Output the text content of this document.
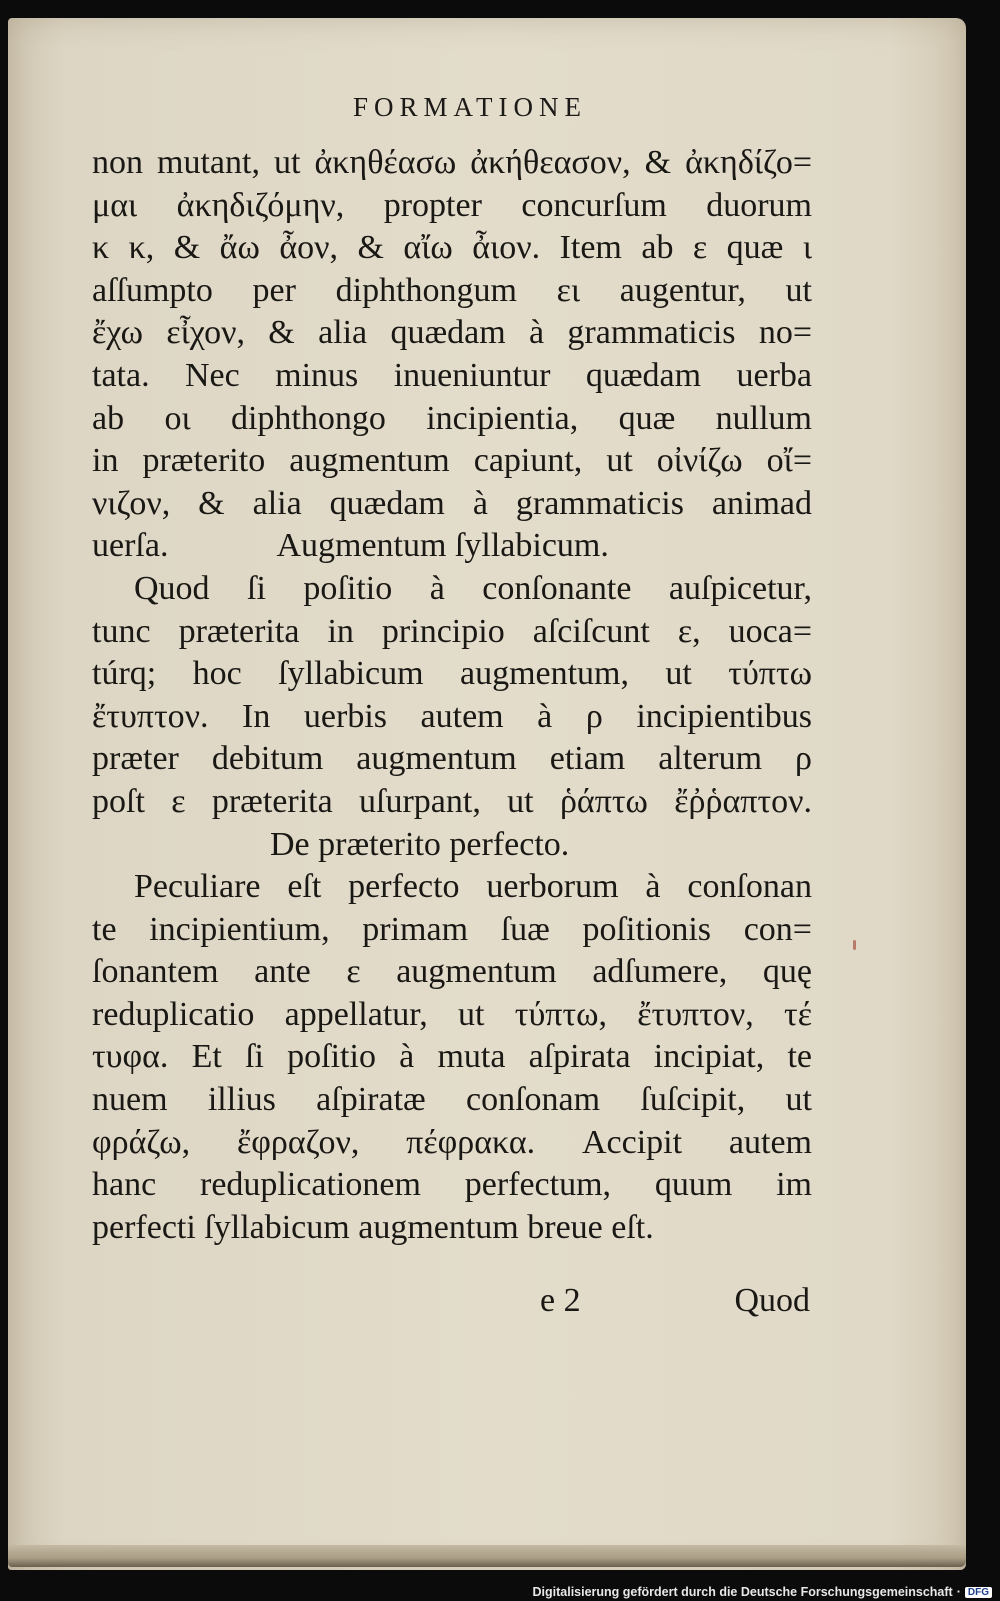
FORMATIONE
non mutant, ut ἀκηθέασω ἀκήθεασον, & ἀκηδίζο=
μαι ἀκηδιζόμην, propter concurſum duorum
κ κ, & ἄω ἆον, & αἴω ἆιον. Item ab ε quæ ι
aſſumpto per diphthongum ει augentur, ut
ἔχω εἶχον, & alia quædam à grammaticis no=
tata. Nec minus inueniuntur quædam uerba
ab οι diphthongo incipientia, quæ nullum
in præterito augmentum capiunt, ut οἰνίζω οἴ=
νιζον, & alia quædam à grammaticis animad
uerſa.	Augmentum ſyllabicum.
Quod ſi poſitio à conſonante auſpicetur,
tunc præterita in principio aſciſcunt ε, uoca=
túrq; hoc ſyllabicum augmentum, ut τύπτω
ἔτυπτον. In uerbis autem à ρ incipientibus
præter debitum augmentum etiam alterum ρ
poſt ε præterita uſurpant, ut ῥάπτω ἔῤῥαπτον.
De præterito perfecto.
Peculiare eſt perfecto uerborum à conſonan
te incipientium, primam ſuæ poſitionis con=
ſonantem ante ε augmentum adſumere, quę
reduplicatio appellatur, ut τύπτω, ἔτυπτον, τέ
τυφα. Et ſi poſitio à muta aſpirata incipiat, te
nuem illius aſpiratæ conſonam ſuſcipit, ut
φράζω, ἔφραζον, πέφρακα. Accipit autem
hanc reduplicationem perfectum, quum im
perfecti ſyllabicum augmentum breue eſt.
e 2	Quod
Digitalisierung gefördert durch die Deutsche Forschungsgemeinschaft · DFG
